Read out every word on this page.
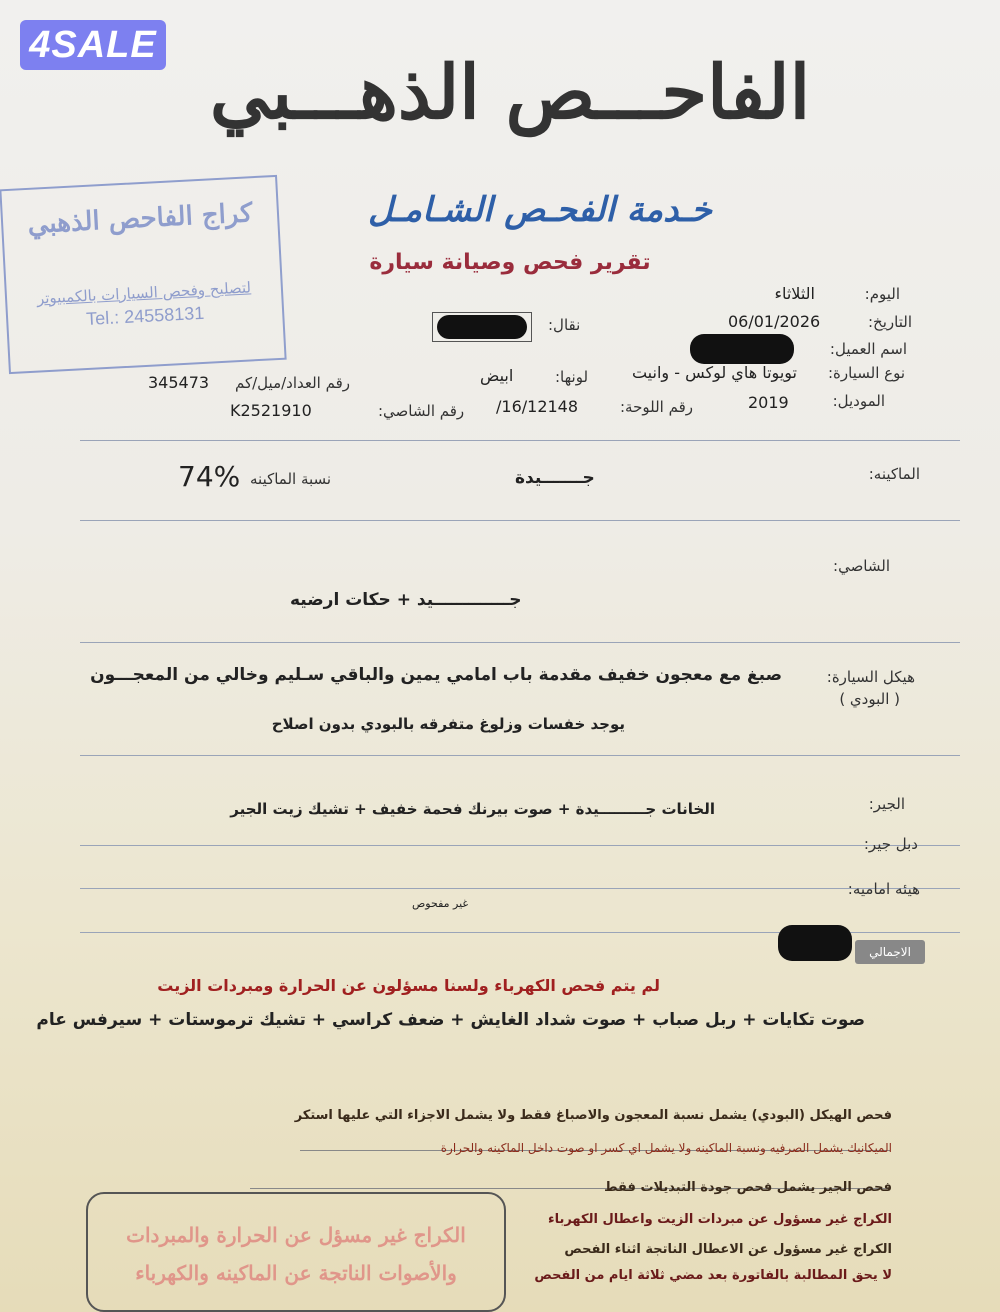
4SALE
الفاحـــص الذهـــبي
خـدمة الفحـص الشـامـل
تقرير فحص وصيانة سيارة
كراج الفاحص الذهبي
لتصليح وفحص السيارات بالكمبيوتر
Tel.: 24558131
اليوم:
الثلاثاء
التاريخ:
06/01/2026
نقال:
اسم العميل:
نوع السيارة:
تويوتا هاي لوكس - وانيت
لونها:
ابيض
رقم العداد/ميل/كم
345473
الموديل:
2019
رقم اللوحة:
/16/12148
رقم الشاصي:
K2521910
الماكينه:
جـــــــيدة
نسبة الماكينه
74%
الشاصي:
جـــــــــــــيد + حكات ارضيه
هيكل السيارة:
( البودي )
صبغ مع معجون خفيف مقدمة باب امامي يمين والباقي سـليم وخالي من المعجـــون
يوجد خفسات وزلوغ متفرقه بالبودي بدون اصلاح
الجير:
الخانات جـــــــــيدة + صوت بيرنك فحمة خفيف + تشيك زيت الجير
دبل جير:
هيئه اماميه:
غير مفحوص
الاجمالي
لم يتم فحص الكهرباء ولسنا مسؤلون عن الحرارة ومبردات الزيت
صوت تكايات + ربل صباب + صوت شداد الغايش + ضعف كراسي + تشيك ترموستات + سيرفس عام
فحص الهيكل (البودي) يشمل نسبة المعجون والاصباغ فقط ولا يشمل الاجزاء التي عليها استكر
الميكانيك يشمل الصرفيه ونسبة الماكينه ولا يشمل اي كسر او صوت داخل الماكينه والحرارة
فحص الجير يشمل فحص جودة التبديلات فقط
الكراج غير مسؤول عن مبردات الزيت واعطال الكهرباء
الكراج غير مسؤول عن الاعطال الناتجة اثناء الفحص
لا يحق المطالبة بالفاتورة بعد مضي ثلاثة ايام من الفحص
الكراج غير مسؤل عن الحرارة والمبردات
والأصوات الناتجة عن الماكينه والكهرباء
